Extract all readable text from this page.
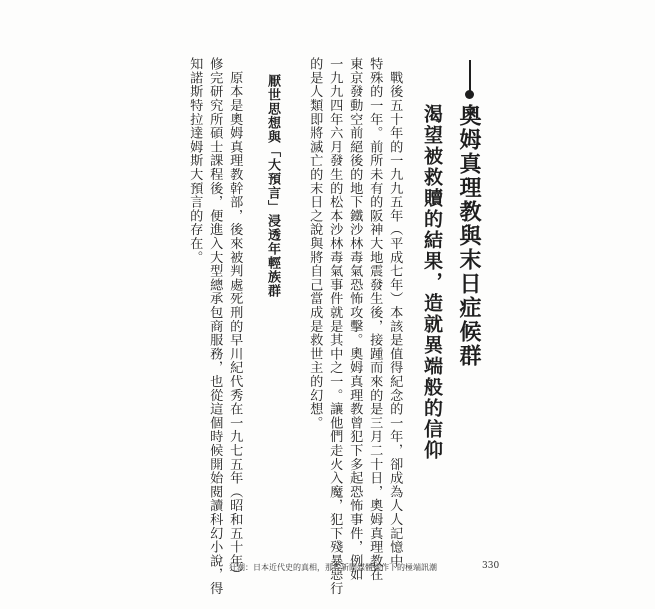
奧姆真理教與末日症候群
渴望被救贖的結果，造就異端般的信仰
　戰後五十年的一九九五年（平成七年）本該是值得紀念的一年，卻成為人人記憶中
特殊的一年。前所未有的阪神大地震發生後，接踵而來的是三月二十日，奧姆真理教在
東京發動空前絕後的地下鐵沙林毒氣恐怖攻擊。奧姆真理教曾犯下多起恐怖事件，例如
一九九四年六月發生的松本沙林毒氣事件就是其中之一。讓他們走火入魔，犯下殘暴惡行
的是人類即將滅亡的末日之說與將自己當成是救世主的幻想。
厭世思想與「大預言」浸透年輕族群
　原本是奧姆真理教幹部，後來被判處死刑的早川紀代秀在一九七五年（昭和五十年）
修完研究所碩士課程後，便進入大型總承包商服務，也從這個時候開始閱讀科幻小說，得
知諾斯特拉達姆斯大預言的存在。
狂潮：日本近代史的真相，那些新聞媒體操作下的極端訊潮	330
